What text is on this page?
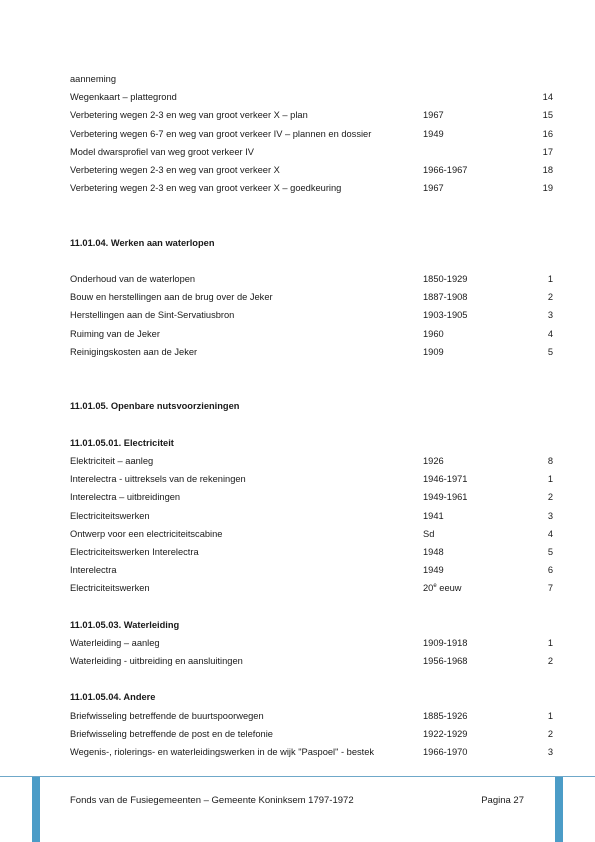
aanneming
Wegenkaart – plattegrond	14
Verbetering wegen 2-3 en weg van groot verkeer X – plan	1967	15
Verbetering wegen 6-7 en weg van groot verkeer IV – plannen en dossier	1949	16
Model dwarsprofiel van weg groot verkeer IV	17
Verbetering wegen 2-3 en weg van groot verkeer X	1966-1967	18
Verbetering wegen 2-3 en weg van groot verkeer X – goedkeuring	1967	19
11.01.04. Werken aan waterlopen
Onderhoud van de waterlopen	1850-1929	1
Bouw en herstellingen aan de brug over de Jeker	1887-1908	2
Herstellingen aan de Sint-Servatiusbron	1903-1905	3
Ruiming van de Jeker	1960	4
Reinigingskosten aan de Jeker	1909	5
11.01.05. Openbare nutsvoorzieningen
11.01.05.01. Electriciteit
Elektriciteit – aanleg	1926	8
Interelectra - uittreksels van de rekeningen	1946-1971	1
Interelectra – uitbreidingen	1949-1961	2
Electriciteitswerken	1941	3
Ontwerp voor een electriciteitscabine	Sd	4
Electriciteitswerken Interelectra	1948	5
Interelectra	1949	6
Electriciteitswerken	20e eeuw	7
11.01.05.03. Waterleiding
Waterleiding – aanleg	1909-1918	1
Waterleiding - uitbreiding en aansluitingen	1956-1968	2
11.01.05.04. Andere
Briefwisseling betreffende de buurtspoorwegen	1885-1926	1
Briefwisseling betreffende de post en de telefonie	1922-1929	2
Wegenis-, riolerings- en waterleidingswerken in de wijk "Paspoel" - bestek	1966-1970	3
Fonds van de Fusiegemeenten – Gemeente Koninksem 1797-1972	Pagina 27
